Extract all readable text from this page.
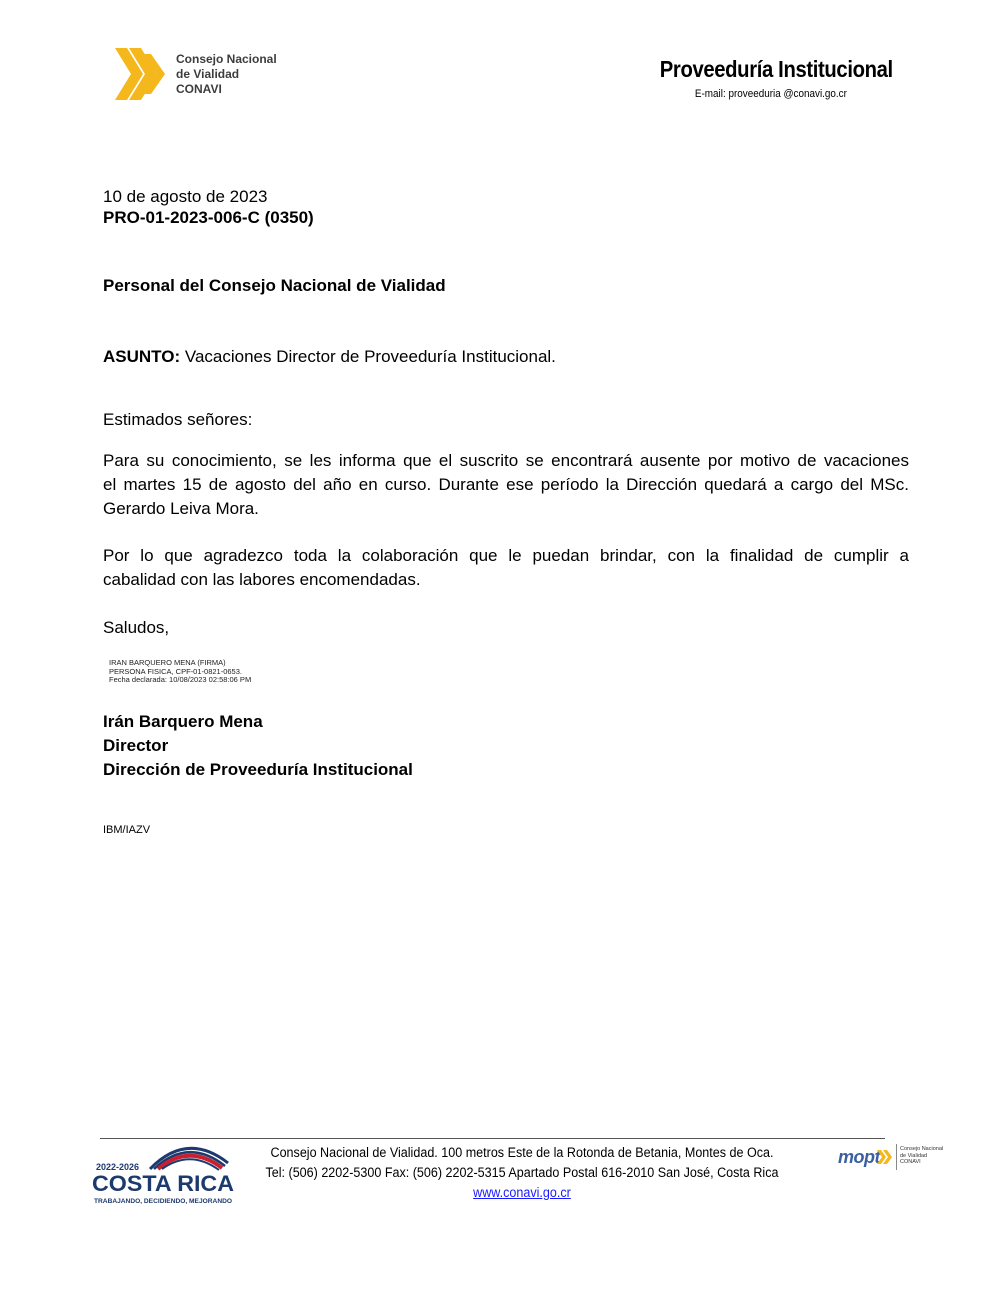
Consejo Nacional
de Vialidad
CONAVI
Proveeduría Institucional
E-mail: proveeduria @conavi.go.cr
10 de agosto de 2023
PRO-01-2023-006-C (0350)
Personal del Consejo Nacional de Vialidad
ASUNTO: Vacaciones Director de Proveeduría Institucional.
Estimados señores:
Para su conocimiento, se les informa que el suscrito se encontrará ausente por motivo de vacaciones
el martes 15 de agosto del año en curso. Durante ese período la Dirección quedará a cargo del MSc.
Gerardo Leiva Mora.
Por lo que agradezco toda la colaboración que le puedan brindar, con la finalidad de cumplir a
cabalidad con las labores encomendadas.
Saludos,
IRAN BARQUERO MENA (FIRMA)
PERSONA FISICA, CPF-01-0821-0653.
Fecha declarada: 10/08/2023 02:58:06 PM
Irán Barquero Mena
Director
Dirección de Proveeduría Institucional
IBM/IAZV
2022-2026
COSTA RICA
TRABAJANDO, DECIDIENDO, MEJORANDO
Consejo Nacional de Vialidad. 100 metros Este de la Rotonda de Betania, Montes de Oca.
Tel: (506) 2202-5300 Fax: (506) 2202-5315 Apartado Postal 616-2010 San José, Costa Rica
www.conavi.go.cr
mopt	Consejo Nacional
de Vialidad
CONAVI
